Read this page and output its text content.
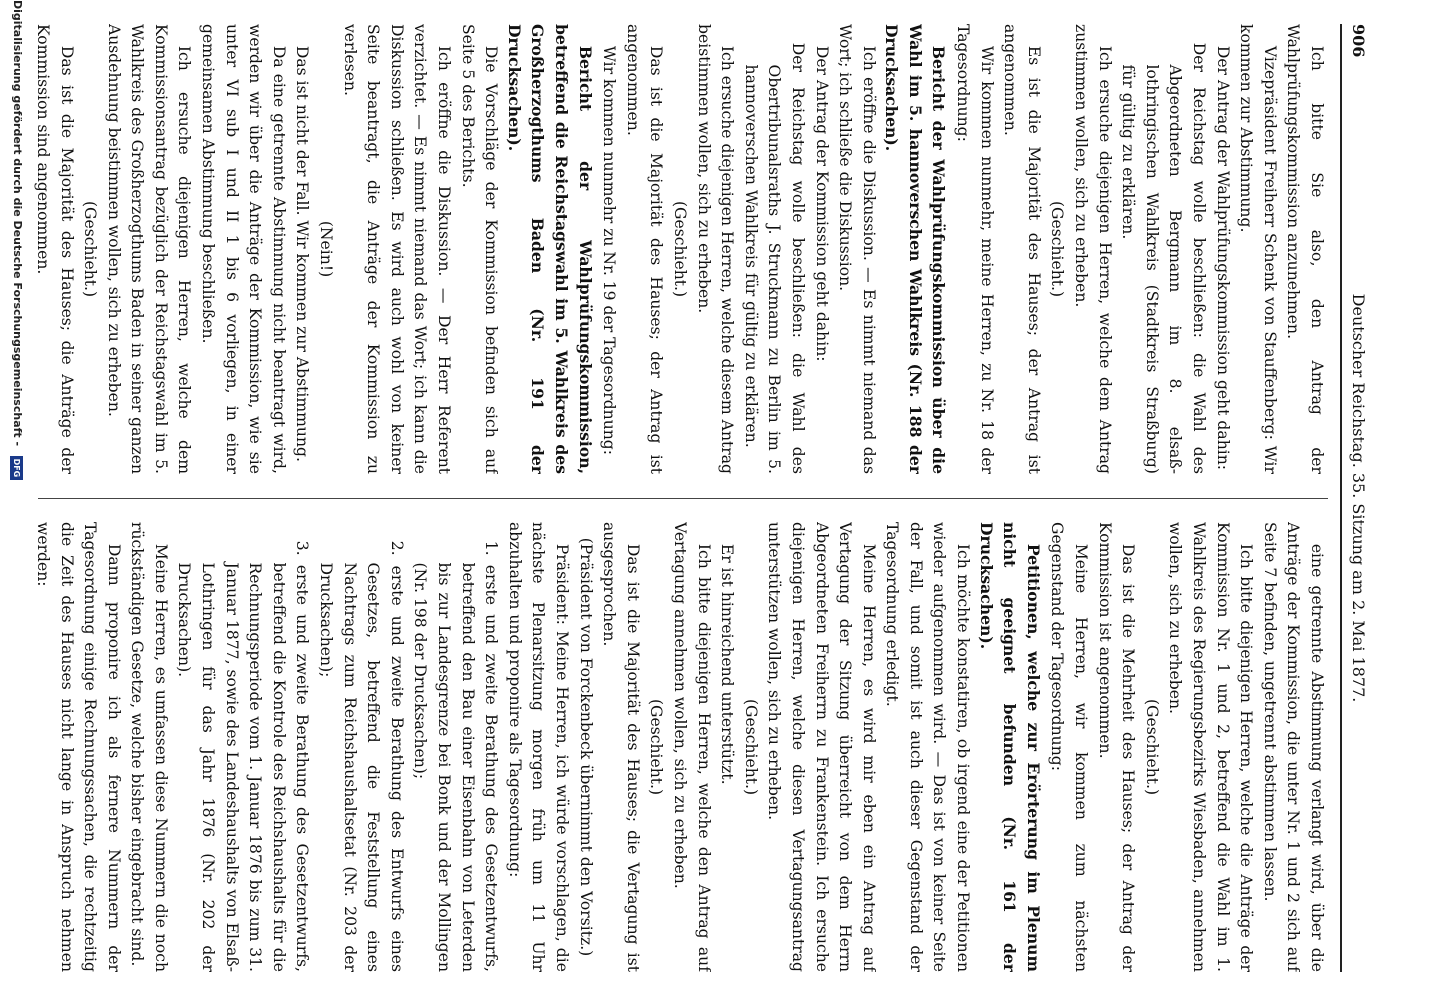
906
Deutscher Reichstag. 35. Sitzung am 2. Mai 1877.

Ich bitte Sie also, den Antrag der Wahlprüfungskommission anzunehmen.

Vizepräsident Freiherr Schenk von Stauffenberg: Wir kommen zur Abstimmung.

Der Antrag der Wahlprüfungskommission geht dahin:

Der Reichstag wolle beschließen: die Wahl des Abgeordneten Bergmann im 8. elsaß-lothringischen Wahlkreis (Stadtkreis Straßburg) für gültig zu erklären.

Ich ersuche diejenigen Herren, welche dem Antrag zustimmen wollen, sich zu erheben.

(Geschieht.)

Es ist die Majorität des Hauses; der Antrag ist angenommen.

Wir kommen nunmehr, meine Herren, zu Nr. 18 der Tagesordnung:

Bericht der Wahlprüfungskommission über die Wahl im 5. hannoverschen Wahlkreis (Nr. 188 der Drucksachen).

Ich eröffne die Diskussion. — Es nimmt niemand das Wort; ich schließe die Diskussion.

Der Antrag der Kommission geht dahin:

Der Reichstag wolle beschließen: die Wahl des Obertribunalsraths J. Struckmann zu Berlin im 5. hannoverschen Wahlkreis für gültig zu erklären.

Ich ersuche diejenigen Herren, welche diesem Antrag beistimmen wollen, sich zu erheben.

(Geschieht.)

Das ist die Majorität des Hauses; der Antrag ist angenommen.

Wir kommen nunmehr zu Nr. 19 der Tagesordnung:

Bericht der Wahlprüfungskommission, betreffend die Reichstagswahl im 5. Wahlkreis des Großherzogthums Baden (Nr. 191 der Drucksachen).

Die Vorschläge der Kommission befinden sich auf Seite 5 des Berichts.

Ich eröffne die Diskussion. — Der Herr Referent verzichtet. — Es nimmt niemand das Wort; ich kann die Diskussion schließen. Es wird auch wohl von keiner Seite beantragt, die Anträge der Kommission zu verlesen.

(Nein!)

Das ist nicht der Fall. Wir kommen zur Abstimmung.

Da eine getrennte Abstimmung nicht beantragt wird, werden wir über die Anträge der Kommission, wie sie unter VI sub I und II 1 bis 6 vorliegen, in einer gemeinsamen Abstimmung beschließen.

Ich ersuche diejenigen Herren, welche dem Kommissionsantrag bezüglich der Reichstagswahl im 5. Wahlkreis des Großherzogthums Baden in seiner ganzen Ausdehnung beistimmen wollen, sich zu erheben.

(Geschieht.)

Das ist die Majorität des Hauses; die Anträge der Kommission sind angenommen.

eine getrennte Abstimmung verlangt wird, über die Anträge der Kommission, die unter Nr. 1 und 2 sich auf Seite 7 befinden, ungetrennt abstimmen lassen.

Ich bitte diejenigen Herren, welche die Anträge der Kommission Nr. 1 und 2, betreffend die Wahl im 1. Wahlkreis des Regierungsbezirks Wiesbaden, annehmen wollen, sich zu erheben.

(Geschieht.)

Das ist die Mehrheit des Hauses; der Antrag der Kommission ist angenommen.

Meine Herren, wir kommen zum nächsten Gegenstand der Tagesordnung:

Petitionen, welche zur Erörterung im Plenum nicht geeignet befunden (Nr. 161 der Drucksachen).

Ich möchte konstatiren, ob irgend eine der Petitionen wieder aufgenommen wird. — Das ist von keiner Seite der Fall, und somit ist auch dieser Gegenstand der Tagesordnung erledigt.

Meine Herren, es wird mir eben ein Antrag auf Vertagung der Sitzung überreicht von dem Herrn Abgeordneten Freiherrn zu Frankenstein. Ich ersuche diejenigen Herren, welche diesen Vertagungsantrag unterstützen wollen, sich zu erheben.

(Geschieht.)

Er ist hinreichend unterstützt.

Ich bitte diejenigen Herren, welche den Antrag auf Vertagung annehmen wollen, sich zu erheben.

(Geschieht.)

Das ist die Majorität des Hauses; die Vertagung ist ausgesprochen.

(Präsident von Forckenbeck übernimmt den Vorsitz.)

Präsident: Meine Herren, ich würde vorschlagen, die nächste Plenarsitzung morgen früh um 11 Uhr abzuhalten und proponire als Tagesordnung:

1. erste und zweite Berathung des Gesetzentwurfs, betreffend den Bau einer Eisenbahn von Leterden bis zur Landesgrenze bei Bonk und der Mollingen (Nr. 198 der Drucksachen);

2. erste und zweite Berathung des Entwurfs eines Gesetzes, betreffend die Feststellung eines Nachtrags zum Reichshaushaltsetat (Nr. 203 der Drucksachen);

3. erste und zweite Berathung des Gesetzentwurfs, betreffend die Kontrole des Reichshaushalts für die Rechnungsperiode vom 1. Januar 1876 bis zum 31. Januar 1877, sowie des Landeshaushalts von Elsaß-Lothringen für das Jahr 1876 (Nr. 202 der Drucksachen).

Meine Herren, es umfassen diese Nummern die noch rückständigen Gesetze, welche bisher eingebracht sind.

Dann proponire ich als fernere Nummern der Tagesordnung einige Rechnungssachen, die rechtzeitig die Zeit des Hauses nicht lange in Anspruch nehmen werden:

Digitalisierung gefördert durch die Deutsche Forschungsgemeinschaft - DFG
